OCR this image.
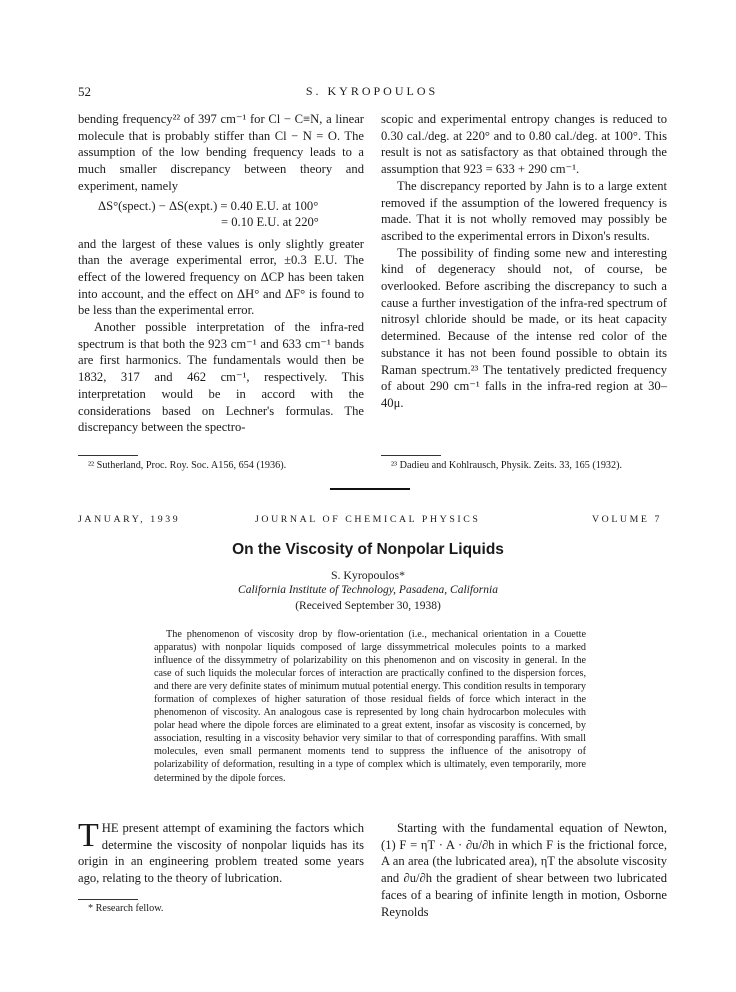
52	S. KYROPOULOS

bending frequency²² of 397 cm⁻¹ for Cl − C≡N, a linear molecule that is probably stiffer than Cl − N = O. The assumption of the low bending frequency leads to a much smaller discrepancy between theory and experiment, namely

ΔS°(spect.) − ΔS(expt.) = 0.40 E.U. at 100°
= 0.10 E.U. at 220°

and the largest of these values is only slightly greater than the average experimental error, ±0.3 E.U. The effect of the lowered frequency on ΔCP has been taken into account, and the effect on ΔH° and ΔF° is found to be less than the experimental error.

Another possible interpretation of the infra-red spectrum is that both the 923 cm⁻¹ and 633 cm⁻¹ bands are first harmonics. The fundamentals would then be 1832, 317 and 462 cm⁻¹, respectively. This interpretation would be in accord with the considerations based on Lechner's formulas. The discrepancy between the spectro-

²² Sutherland, Proc. Roy. Soc. A156, 654 (1936).

scopic and experimental entropy changes is reduced to 0.30 cal./deg. at 220° and to 0.80 cal./deg. at 100°. This result is not as satisfactory as that obtained through the assumption that 923 = 633 + 290 cm⁻¹.

The discrepancy reported by Jahn is to a large extent removed if the assumption of the lowered frequency is made. That it is not wholly removed may possibly be ascribed to the experimental errors in Dixon's results.

The possibility of finding some new and interesting kind of degeneracy should not, of course, be overlooked. Before ascribing the discrepancy to such a cause a further investigation of the infra-red spectrum of nitrosyl chloride should be made, or its heat capacity determined. Because of the intense red color of the substance it has not been found possible to obtain its Raman spectrum.²³ The tentatively predicted frequency of about 290 cm⁻¹ falls in the infra-red region at 30–40μ.

²³ Dadieu and Kohlrausch, Physik. Zeits. 33, 165 (1932).
JANUARY, 1939	JOURNAL OF CHEMICAL PHYSICS	VOLUME 7
On the Viscosity of Nonpolar Liquids
S. Kyropoulos*
California Institute of Technology, Pasadena, California
(Received September 30, 1938)

The phenomenon of viscosity drop by flow-orientation (i.e., mechanical orientation in a Couette apparatus) with nonpolar liquids composed of large dissymmetrical molecules points to a marked influence of the dissymmetry of polarizability on this phenomenon and on viscosity in general. In the case of such liquids the molecular forces of interaction are practically confined to the dispersion forces, and there are very definite states of minimum mutual potential energy. This condition results in temporary formation of complexes of higher saturation of those residual fields of force which interact in the phenomenon of viscosity. An analogous case is represented by long chain hydrocarbon molecules with polar head where the dipole forces are eliminated to a great extent, insofar as viscosity is concerned, by association, resulting in a viscosity behavior very similar to that of corresponding paraffins. With small molecules, even small permanent moments tend to suppress the influence of the anisotropy of polarizability of deformation, resulting in a type of complex which is ultimately, even temporarily, more determined by the dipole forces.

THE present attempt of examining the factors which determine the viscosity of nonpolar liquids has its origin in an engineering problem treated some years ago, relating to the theory of lubrication.

* Research fellow.

Starting with the fundamental equation of Newton, (1) F = ηT · A · ∂u/∂h in which F is the frictional force, A an area (the lubricated area), ηT the absolute viscosity and ∂u/∂h the gradient of shear between two lubricated faces of a bearing of infinite length in motion, Osborne Reynolds
